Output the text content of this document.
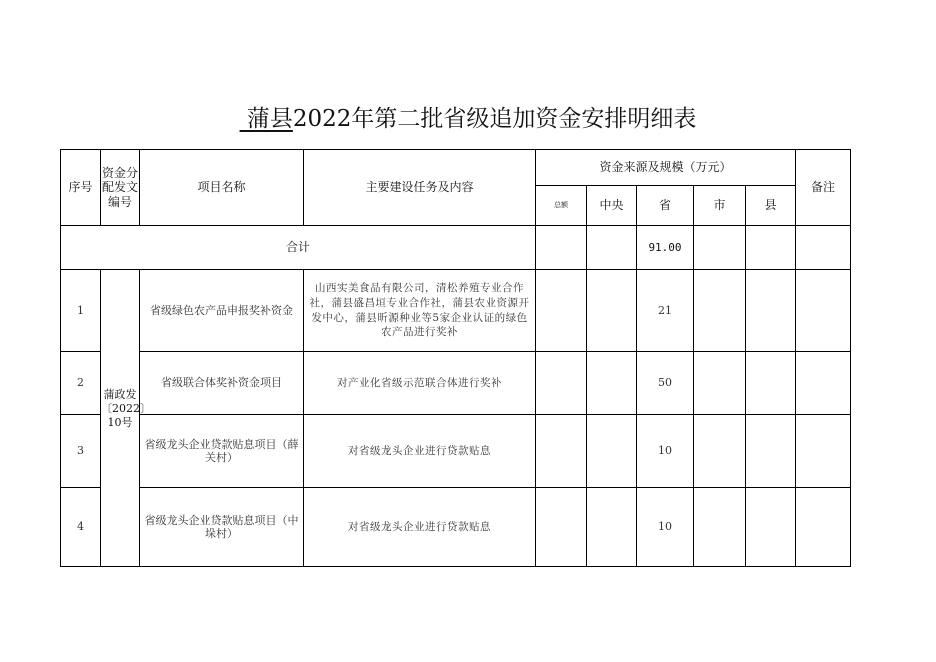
蒲县2022年第二批省级追加资金安排明细表
序号	资金分配发文编号	项目名称	主要建设任务及内容	资金来源及规模（万元）					备注
				总额	中央	省	市	县	
合计						91.00			
1	蒲政发〔2022〕10号	省级绿色农产品申报奖补资金	山西实美食品有限公司，清松养殖专业合作社，蒲县盛昌垣专业合作社，蒲县农业资源开发中心，蒲县昕源种业等5家企业认证的绿色农产品进行奖补			21			
2		省级联合体奖补资金项目	对产业化省级示范联合体进行奖补			50			
3		省级龙头企业贷款贴息项目（薛关村）	对省级龙头企业进行贷款贴息			10			
4		省级龙头企业贷款贴息项目（中垛村）	对省级龙头企业进行贷款贴息			10			
